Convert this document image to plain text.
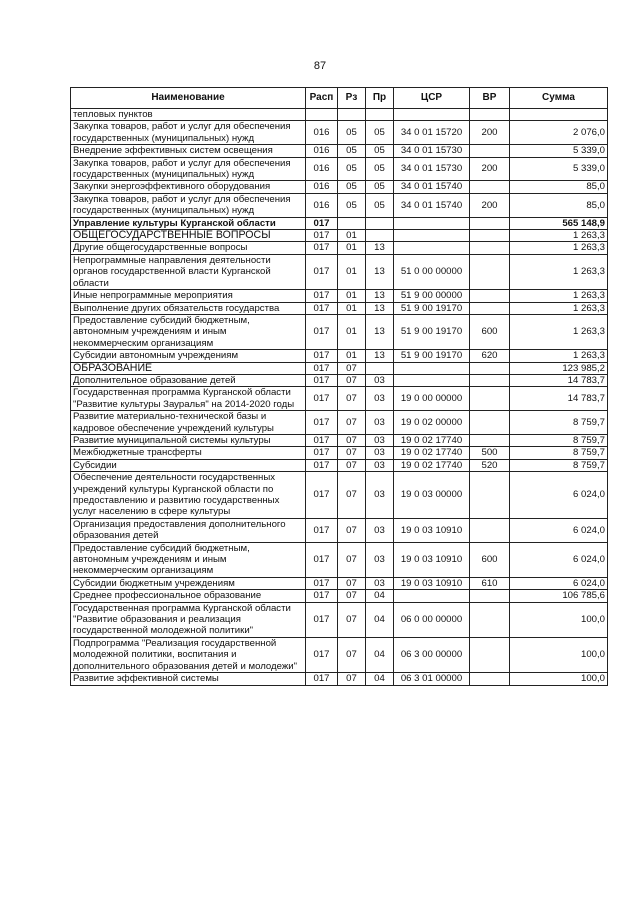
87
Наименование	Расп	Рз	Пр	ЦСР	ВР	Сумма
тепловых пунктов						
Закупка товаров, работ и услуг для обеспечения государственных (муниципальных) нужд	016	05	05	34 0 01 15720	200	2 076,0
Внедрение эффективных систем освещения	016	05	05	34 0 01 15730		5 339,0
Закупка товаров, работ и услуг для обеспечения государственных (муниципальных) нужд	016	05	05	34 0 01 15730	200	5 339,0
Закупки энергоэффективного оборудования	016	05	05	34 0 01 15740		85,0
Закупка товаров, работ и услуг для обеспечения государственных (муниципальных) нужд	016	05	05	34 0 01 15740	200	85,0
Управление культуры Курганской области	017					565 148,9
ОБЩЕГОСУДАРСТВЕННЫЕ ВОПРОСЫ	017	01				1 263,3
Другие общегосударственные вопросы	017	01	13			1 263,3
Непрограммные направления деятельности органов государственной власти Курганской области	017	01	13	51 0 00 00000		1 263,3
Иные непрограммные мероприятия	017	01	13	51 9 00 00000		1 263,3
Выполнение других обязательств государства	017	01	13	51 9 00 19170		1 263,3
Предоставление субсидий бюджетным, автономным учреждениям и иным некоммерческим организациям	017	01	13	51 9 00 19170	600	1 263,3
Субсидии автономным учреждениям	017	01	13	51 9 00 19170	620	1 263,3
ОБРАЗОВАНИЕ	017	07				123 985,2
Дополнительное образование детей	017	07	03			14 783,7
Государственная программа Курганской области "Развитие культуры Зауралья" на 2014-2020 годы	017	07	03	19 0 00 00000		14 783,7
Развитие материально-технической базы и кадровое обеспечение учреждений культуры	017	07	03	19 0 02 00000		8 759,7
Развитие муниципальной системы культуры	017	07	03	19 0 02 17740		8 759,7
Межбюджетные трансферты	017	07	03	19 0 02 17740	500	8 759,7
Субсидии	017	07	03	19 0 02 17740	520	8 759,7
Обеспечение деятельности государственных учреждений культуры Курганской области по предоставлению и развитию государственных услуг населению в сфере культуры	017	07	03	19 0 03 00000		6 024,0
Организация предоставления дополнительного образования детей	017	07	03	19 0 03 10910		6 024,0
Предоставление субсидий бюджетным, автономным учреждениям и иным некоммерческим организациям	017	07	03	19 0 03 10910	600	6 024,0
Субсидии бюджетным учреждениям	017	07	03	19 0 03 10910	610	6 024,0
Среднее профессиональное образование	017	07	04			106 785,6
Государственная программа Курганской области "Развитие образования и реализация государственной молодежной политики"	017	07	04	06 0 00 00000		100,0
Подпрограмма "Реализация государственной молодежной политики, воспитания и дополнительного образования детей и молодежи"	017	07	04	06 3 00 00000		100,0
Развитие эффективной системы	017	07	04	06 3 01 00000		100,0
